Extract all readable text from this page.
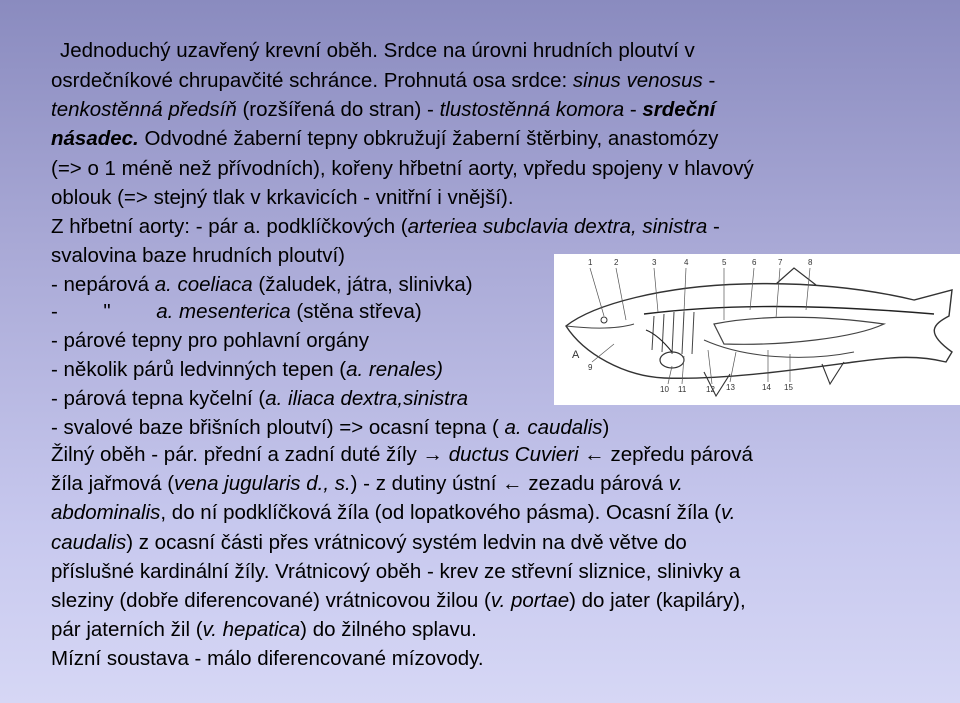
Jednoduchý uzavřený krevní oběh. Srdce na úrovni hrudních ploutví v

osrdečníkové chrupavčité schránce. Prohnutá osa srdce: sinus venosus -

tenkostěnná předsíň (rozšířená do stran) - tlustostěnná komora - srdeční

násadec. Odvodné žaberní tepny obkružují žaberní štěrbiny, anastomózy

(=> o 1 méně než přívodních), kořeny hřbetní aorty, vpředu spojeny v hlavový

oblouk (=> stejný tlak v krkavicích - vnitřní i vnější).

Z hřbetní aorty: - pár a. podklíčkových (arteriea subclavia dextra, sinistra -

svalovina baze hrudních ploutví)

- nepárová a. coeliaca (žaludek, játra, slinivka)

-        "        a. mesenterica (stěna střeva)

- párové tepny pro pohlavní orgány

- několik párů ledvinných tepen (a. renales)

- párová tepna kyčelní (a. iliaca dextra,sinistra

- svalové baze břišních ploutví) => ocasní tepna ( a. caudalis)

Žilný oběh - pár. přední a zadní duté žíly → ductus Cuvieri ← zepředu párová

žíla jařmová (vena jugularis d., s.) - z dutiny ústní ← zezadu párová v.

abdominalis, do ní podklíčková žíla (od lopatkového pásma). Ocasní žíla (v.

caudalis) z ocasní části přes vrátnicový systém ledvin na dvě větve do

příslušné kardinální žíly. Vrátnicový oběh - krev ze střevní sliznice, slinivky a

sleziny (dobře diferencované) vrátnicovou žilou (v. portae) do jater (kapiláry),

pár jaterních žil (v. hepatica) do žilného splavu.

Mízní soustava - málo diferencované mízovody.

1	2	3	4	5	6	7	8
9
10 11 12 13	14 15
A
